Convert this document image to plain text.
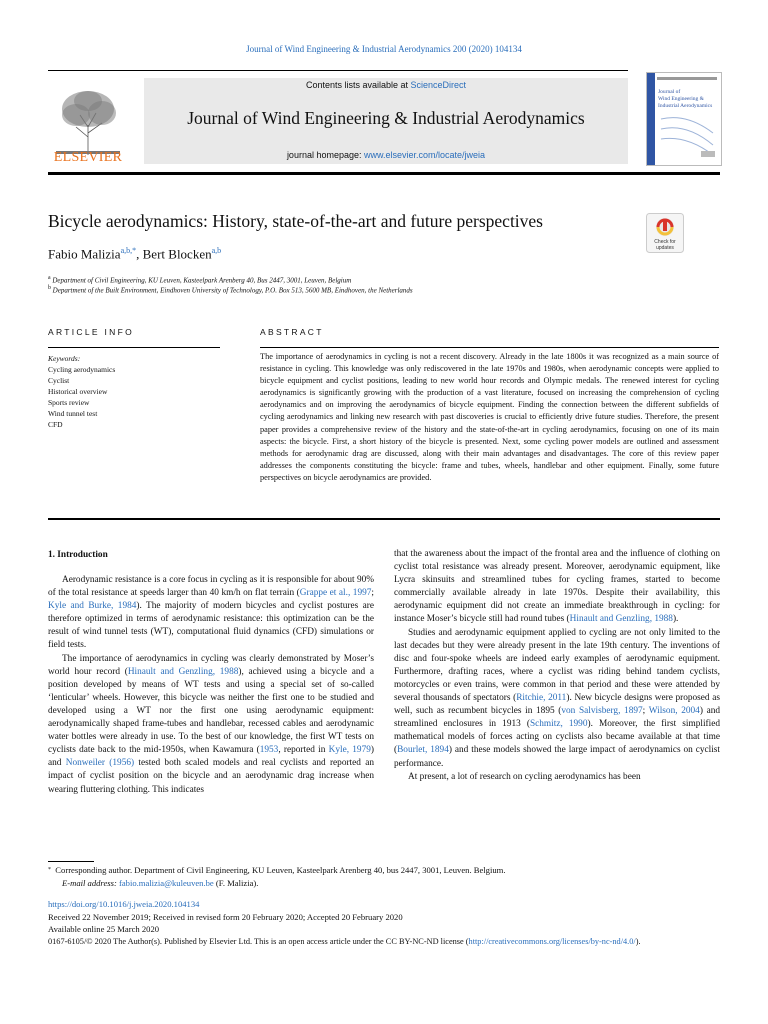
Journal of Wind Engineering & Industrial Aerodynamics 200 (2020) 104134
ELSEVIER
Contents lists available at ScienceDirect
Journal of Wind Engineering & Industrial Aerodynamics
journal homepage: www.elsevier.com/locate/jweia
Journal of
Wind Engineering &
Industrial Aerodynamics
Bicycle aerodynamics: History, state-of-the-art and future perspectives
Check for updates
Fabio Malizia$^{a,b,*}$, Bert Blocken$^{a,b}$
$^a$ Department of Civil Engineering, KU Leuven, Kasteelpark Arenberg 40, Bus 2447, 3001, Leuven, Belgium
$^b$ Department of the Built Environment, Eindhoven University of Technology, P.O. Box 513, 5600 MB, Eindhoven, the Netherlands
ARTICLE INFO	ABSTRACT
Keywords:
Cycling aerodynamics
Cyclist
Historical overview
Sports review
Wind tunnel test
CFD
The importance of aerodynamics in cycling is not a recent discovery. Already in the late 1800s it was recognized as a main source of resistance in cycling. This knowledge was only rediscovered in the late 1970s and 1980s, when aerodynamic concepts were applied to bicycle equipment and cyclist positions, leading to new world hour records and Olympic medals. The renewed interest for cycling aerodynamics is significantly growing with the production of a vast literature, focused on increasing the comprehension of cycling aerodynamics and on improving the aerodynamics of bicycle equipment. Finding the connection between the different subfields of cycling aerodynamics and linking new research with past discoveries is crucial to efficiently drive future studies. Therefore, the present paper provides a comprehensive review of the history and the state-of-the-art in cycling aerodynamics, focusing on one of its main aspects: the bicycle. First, a short history of the bicycle is presented. Next, some cycling power models are outlined and assessment methods for aerodynamic drag are discussed, along with their main advantages and disadvantages. The core of this review paper addresses the components constituting the bicycle: frame and tubes, wheels, handlebar and other equipment. Finally, some future perspectives on bicycle aerodynamics are provided.
1. Introduction

Aerodynamic resistance is a core focus in cycling as it is responsible for about 90% of the total resistance at speeds larger than 40 km/h on flat terrain (Grappe et al., 1997; Kyle and Burke, 1984). The majority of modern bicycles and cyclist postures are therefore optimized in terms of aerodynamic resistance: this optimization can be the result of wind tunnel tests (WT), computational fluid dynamics (CFD) simulations or field tests.

The importance of aerodynamics in cycling was clearly demonstrated by Moser’s world hour record (Hinault and Genzling, 1988), achieved using a bicycle and a position developed by means of WT tests and using a special set of so-called ‘lenticular’ wheels. However, this bicycle was neither the first one to be studied and developed using a WT nor the first one using aerodynamic equipment: aerodynamically shaped frame-tubes and handlebar, recessed cables and aerodynamic water bottles were already in use. To the best of our knowledge, the first WT tests on cyclists date back to the mid-1950s, when Kawamura (1953, reported in Kyle, 1979) and Nonweiler (1956) tested both scaled models and real cyclists and reported an impact of cyclist position on the bicycle and an aerodynamic drag increase when wearing fluttering clothing. This indicates

that the awareness about the impact of the frontal area and the influence of clothing on cyclist total resistance was already present. Moreover, aerodynamic equipment, like Lycra skinsuits and streamlined tubes for cycling frames, started to become commercially available already in late 1970s. Despite their availability, this aerodynamic equipment did not create an immediate breakthrough in cycling: for instance Moser’s bicycle still had round tubes (Hinault and Genzling, 1988).

Studies and aerodynamic equipment applied to cycling are not only limited to the last decades but they were already present in the late 19th century. The inventions of disc and four-spoke wheels are indeed early examples of aerodynamic equipment. Furthermore, drafting races, where a cyclist was riding behind tandem cyclists, motorcycles or even trains, were common in that period and these were attended by several thousands of spectators (Ritchie, 2011). New bicycle designs were proposed as well, such as recumbent bicycles in 1895 (von Salvisberg, 1897; Wilson, 2004) and streamlined enclosures in 1913 (Schmitz, 1990). Moreover, the first simplified mathematical models of forces acting on cyclists also became available at that time (Bourlet, 1894) and these models showed the large impact of aerodynamics on cyclist performance.

At present, a lot of research on cycling aerodynamics has been

* Corresponding author. Department of Civil Engineering, KU Leuven, Kasteelpark Arenberg 40, bus 2447, 3001, Leuven. Belgium.
E-mail address: fabio.malizia@kuleuven.be (F. Malizia).
https://doi.org/10.1016/j.jweia.2020.104134
Received 22 November 2019; Received in revised form 20 February 2020; Accepted 20 February 2020
Available online 25 March 2020
0167-6105/© 2020 The Author(s). Published by Elsevier Ltd. This is an open access article under the CC BY-NC-ND license (http://creativecommons.org/licenses/by-nc-nd/4.0/).
